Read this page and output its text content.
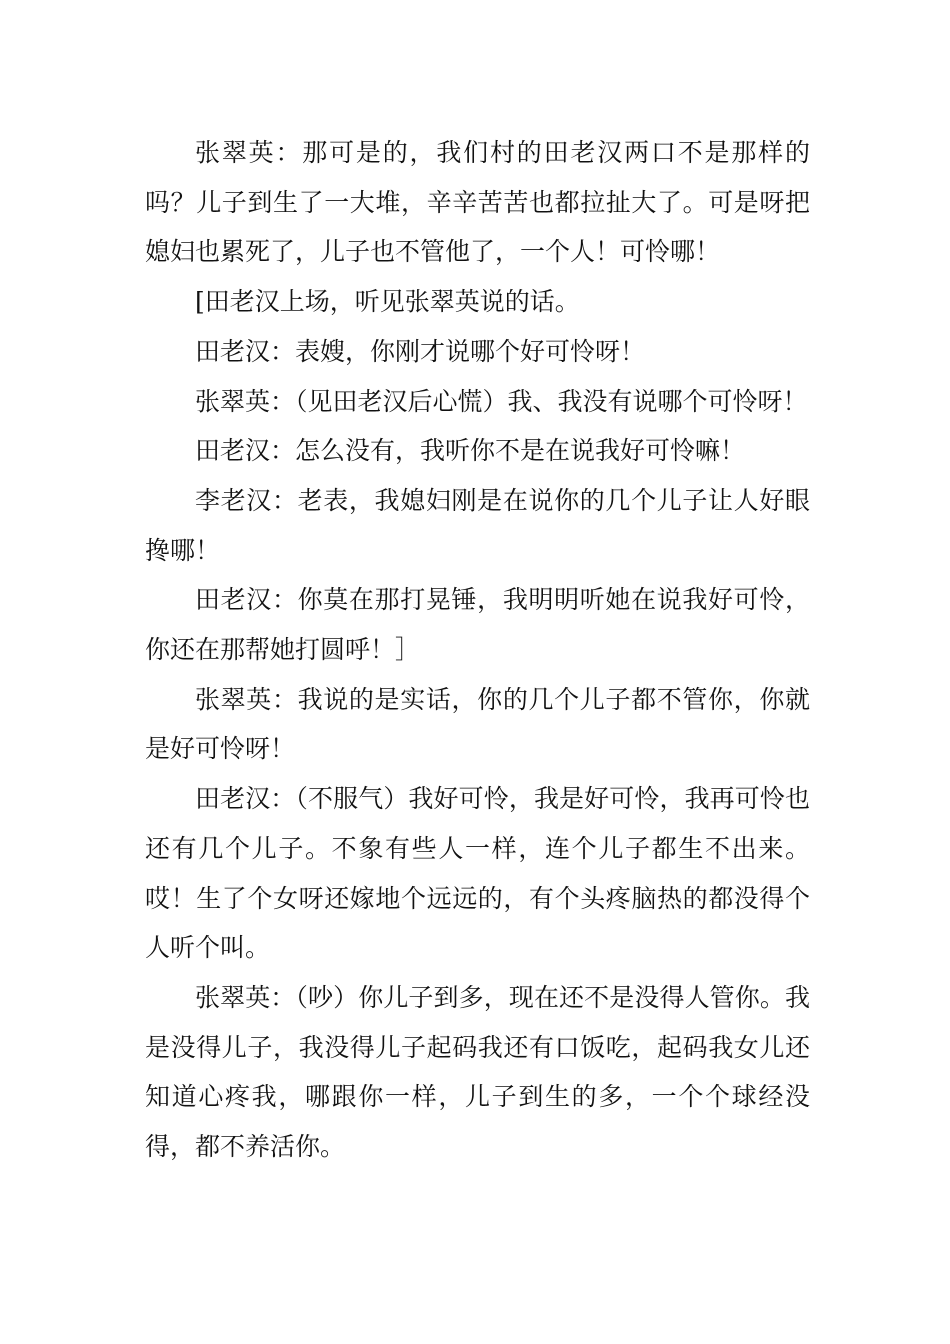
张翠英：那可是的，我们村的田老汉两口不是那样的吗？儿子到生了一大堆，辛辛苦苦也都拉扯大了。可是呀把媳妇也累死了，儿子也不管他了，一个人！可怜哪！

[田老汉上场，听见张翠英说的话。

田老汉：表嫂，你刚才说哪个好可怜呀！

张翠英：（见田老汉后心慌）我、我没有说哪个可怜呀！

田老汉：怎么没有，我听你不是在说我好可怜嘛！

李老汉：老表，我媳妇刚是在说你的几个儿子让人好眼搀哪！

田老汉：你莫在那打晃锤，我明明听她在说我好可怜，你还在那帮她打圆呼！］

张翠英：我说的是实话，你的几个儿子都不管你，你就是好可怜呀！

田老汉：（不服气）我好可怜，我是好可怜，我再可怜也还有几个儿子。不象有些人一样，连个儿子都生不出来。哎！生了个女呀还嫁地个远远的，有个头疼脑热的都没得个人听个叫。

张翠英：（吵）你儿子到多，现在还不是没得人管你。我是没得儿子，我没得儿子起码我还有口饭吃，起码我女儿还知道心疼我，哪跟你一样，儿子到生的多，一个个球经没得，都不养活你。
